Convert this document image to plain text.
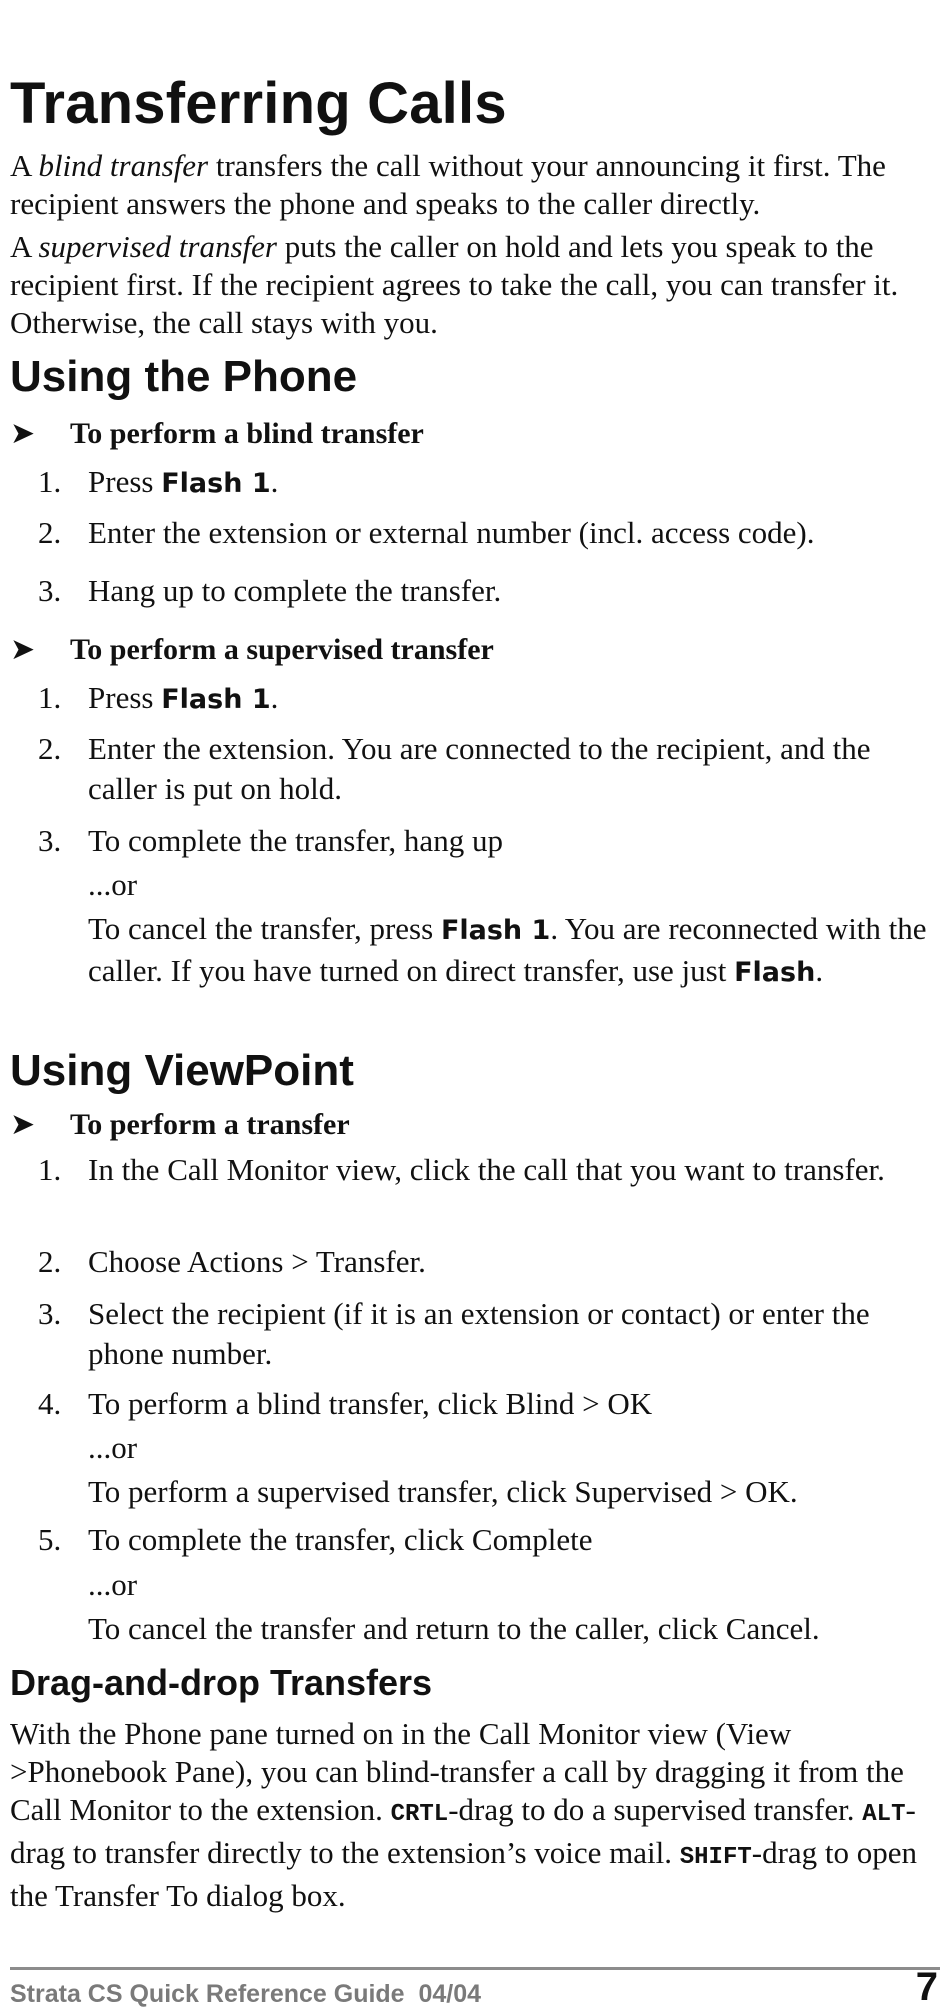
Transferring Calls

A blind transfer transfers the call without your announcing it first. The recipient answers the phone and speaks to the caller directly.

A supervised transfer puts the caller on hold and lets you speak to the recipient first. If the recipient agrees to take the call, you can transfer it. Otherwise, the call stays with you.

Using the Phone
➤	To perform a blind transfer
1. Press Flash 1.
2. Enter the extension or external number (incl. access code).
3. Hang up to complete the transfer.
➤	To perform a supervised transfer
1. Press Flash 1.
2. Enter the extension. You are connected to the recipient, and the caller is put on hold.
3. To complete the transfer, hang up
...or
To cancel the transfer, press Flash 1. You are reconnected with the caller. If you have turned on direct transfer, use just Flash.
Using ViewPoint
➤	To perform a transfer
1. In the Call Monitor view, click the call that you want to transfer.
2. Choose Actions > Transfer.
3. Select the recipient (if it is an extension or contact) or enter the phone number.
4. To perform a blind transfer, click Blind > OK
...or
To perform a supervised transfer, click Supervised > OK.
5. To complete the transfer, click Complete
...or
To cancel the transfer and return to the caller, click Cancel.
Drag-and-drop Transfers

With the Phone pane turned on in the Call Monitor view (View >Phonebook Pane), you can blind-transfer a call by dragging it from the Call Monitor to the extension. CRTL-drag to do a supervised transfer. ALT-drag to transfer directly to the extension’s voice mail. SHIFT-drag to open the Transfer To dialog box.

Strata CS Quick Reference Guide  04/04	7
